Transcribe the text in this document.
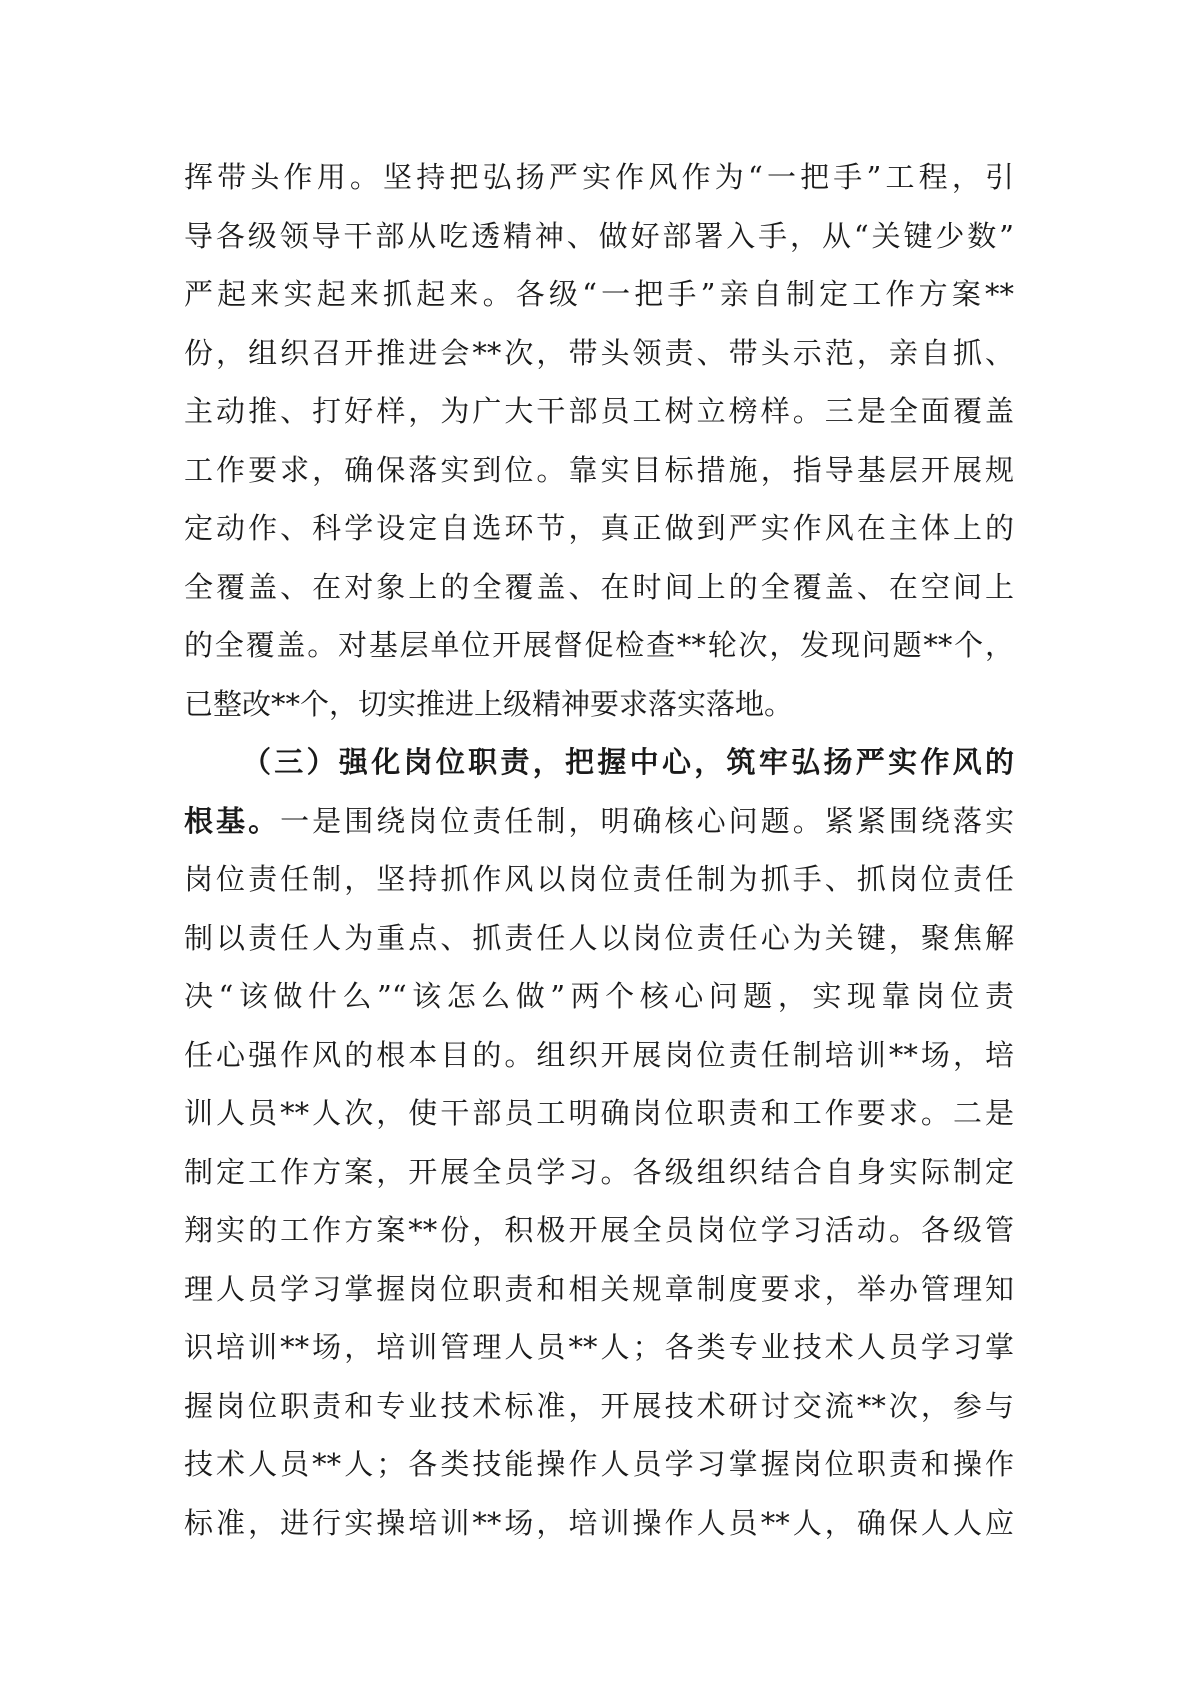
挥带头作用。坚持把弘扬严实作风作为“一把手”工程，引
导各级领导干部从吃透精神、做好部署入手，从“关键少数”
严起来实起来抓起来。各级“一把手”亲自制定工作方案**
份，组织召开推进会**次，带头领责、带头示范，亲自抓、
主动推、打好样，为广大干部员工树立榜样。三是全面覆盖
工作要求，确保落实到位。靠实目标措施，指导基层开展规
定动作、科学设定自选环节，真正做到严实作风在主体上的
全覆盖、在对象上的全覆盖、在时间上的全覆盖、在空间上
的全覆盖。对基层单位开展督促检查**轮次，发现问题**个，
已整改**个，切实推进上级精神要求落实落地。
（三）强化岗位职责，把握中心，筑牢弘扬严实作风的
根基。一是围绕岗位责任制，明确核心问题。紧紧围绕落实
岗位责任制，坚持抓作风以岗位责任制为抓手、抓岗位责任
制以责任人为重点、抓责任人以岗位责任心为关键，聚焦解
决“该做什么”“该怎么做”两个核心问题，实现靠岗位责
任心强作风的根本目的。组织开展岗位责任制培训**场，培
训人员**人次，使干部员工明确岗位职责和工作要求。二是
制定工作方案，开展全员学习。各级组织结合自身实际制定
翔实的工作方案**份，积极开展全员岗位学习活动。各级管
理人员学习掌握岗位职责和相关规章制度要求，举办管理知
识培训**场，培训管理人员**人；各类专业技术人员学习掌
握岗位职责和专业技术标准，开展技术研讨交流**次，参与
技术人员**人；各类技能操作人员学习掌握岗位职责和操作
标准，进行实操培训**场，培训操作人员**人，确保人人应
